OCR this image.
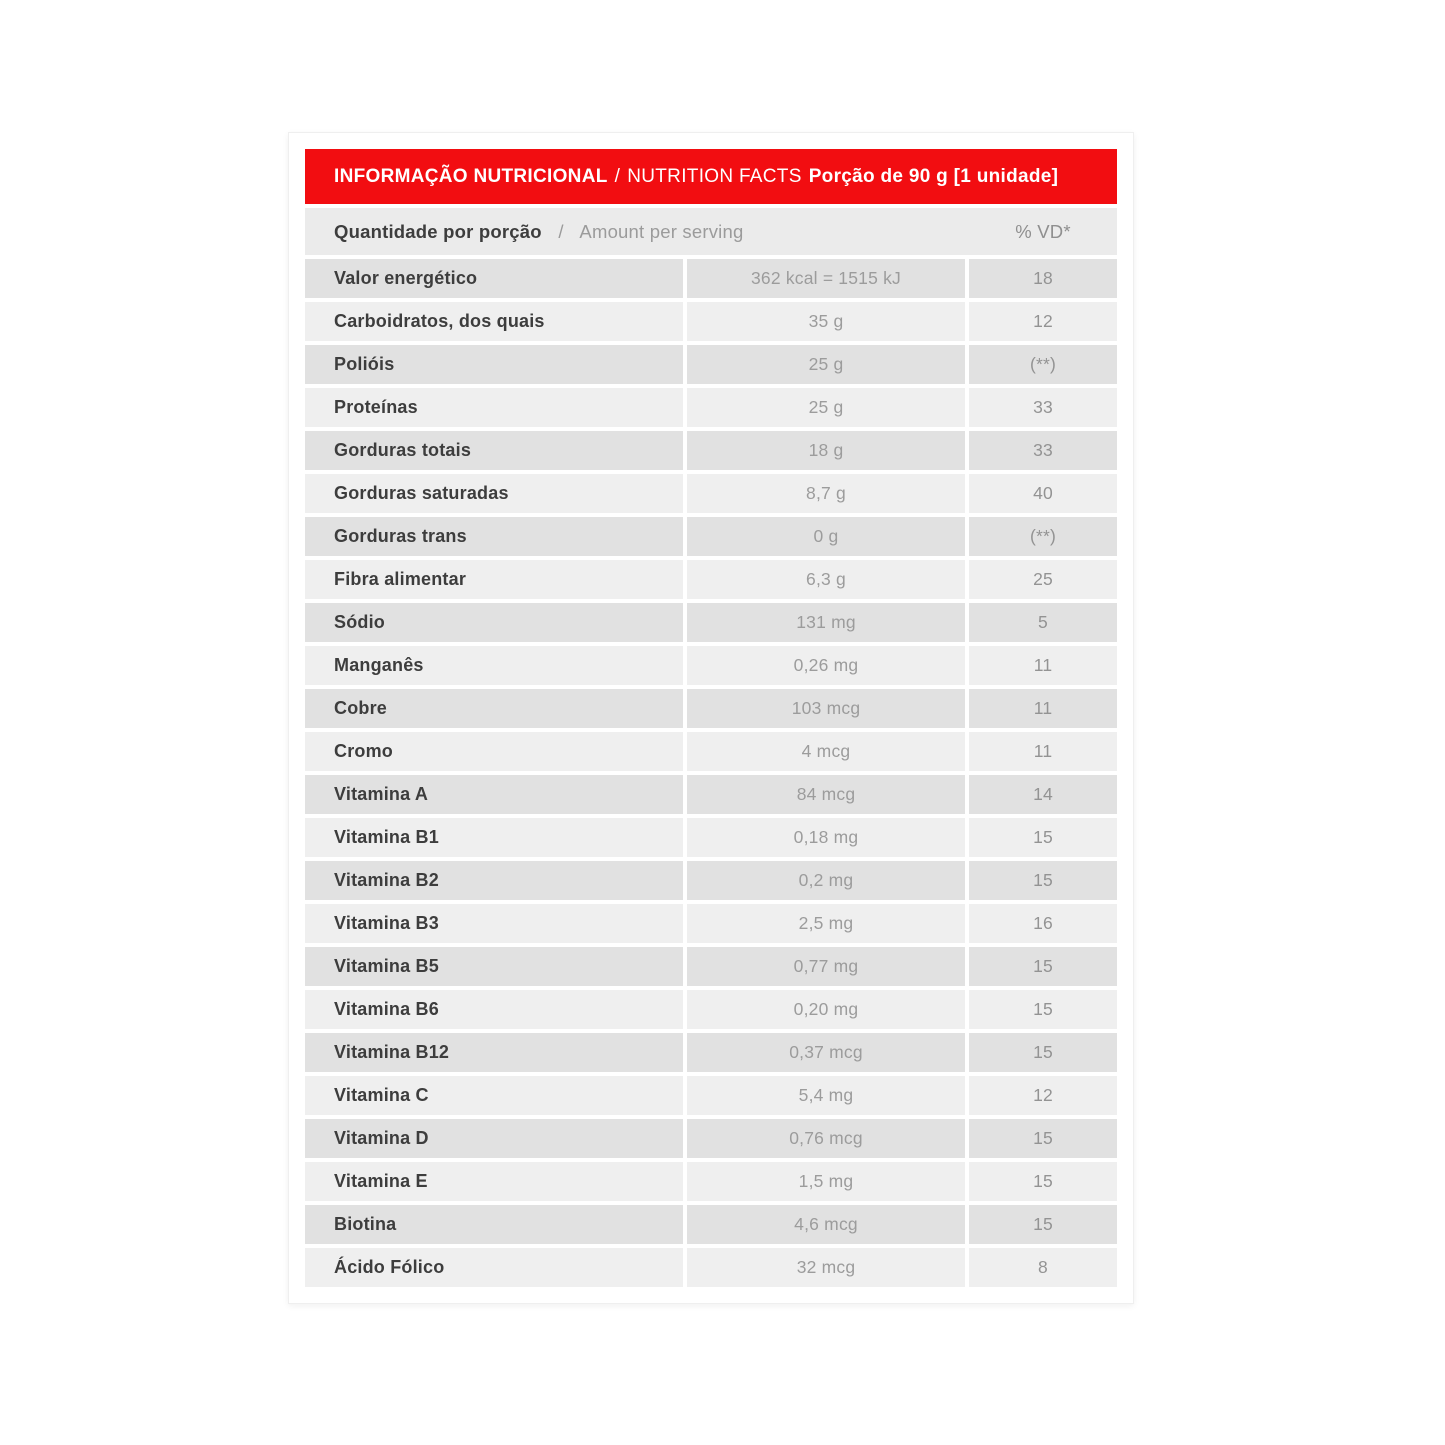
INFORMAÇÃO NUTRICIONAL / NUTRITION FACTS Porção de 90 g [1 unidade]
Quantidade por porção / Amount per serving	% VD*
Valor energético	362 kcal = 1515 kJ	18
Carboidratos, dos quais	35 g	12
Polióis	25 g	(**)
Proteínas	25 g	33
Gorduras totais	18 g	33
Gorduras saturadas	8,7 g	40
Gorduras trans	0 g	(**)
Fibra alimentar	6,3 g	25
Sódio	131 mg	5
Manganês	0,26 mg	11
Cobre	103 mcg	11
Cromo	4 mcg	11
Vitamina A	84 mcg	14
Vitamina B1	0,18 mg	15
Vitamina B2	0,2 mg	15
Vitamina B3	2,5 mg	16
Vitamina B5	0,77 mg	15
Vitamina B6	0,20 mg	15
Vitamina B12	0,37 mcg	15
Vitamina C	5,4 mg	12
Vitamina D	0,76 mcg	15
Vitamina E	1,5 mg	15
Biotina	4,6 mcg	15
Ácido Fólico	32 mcg	8
